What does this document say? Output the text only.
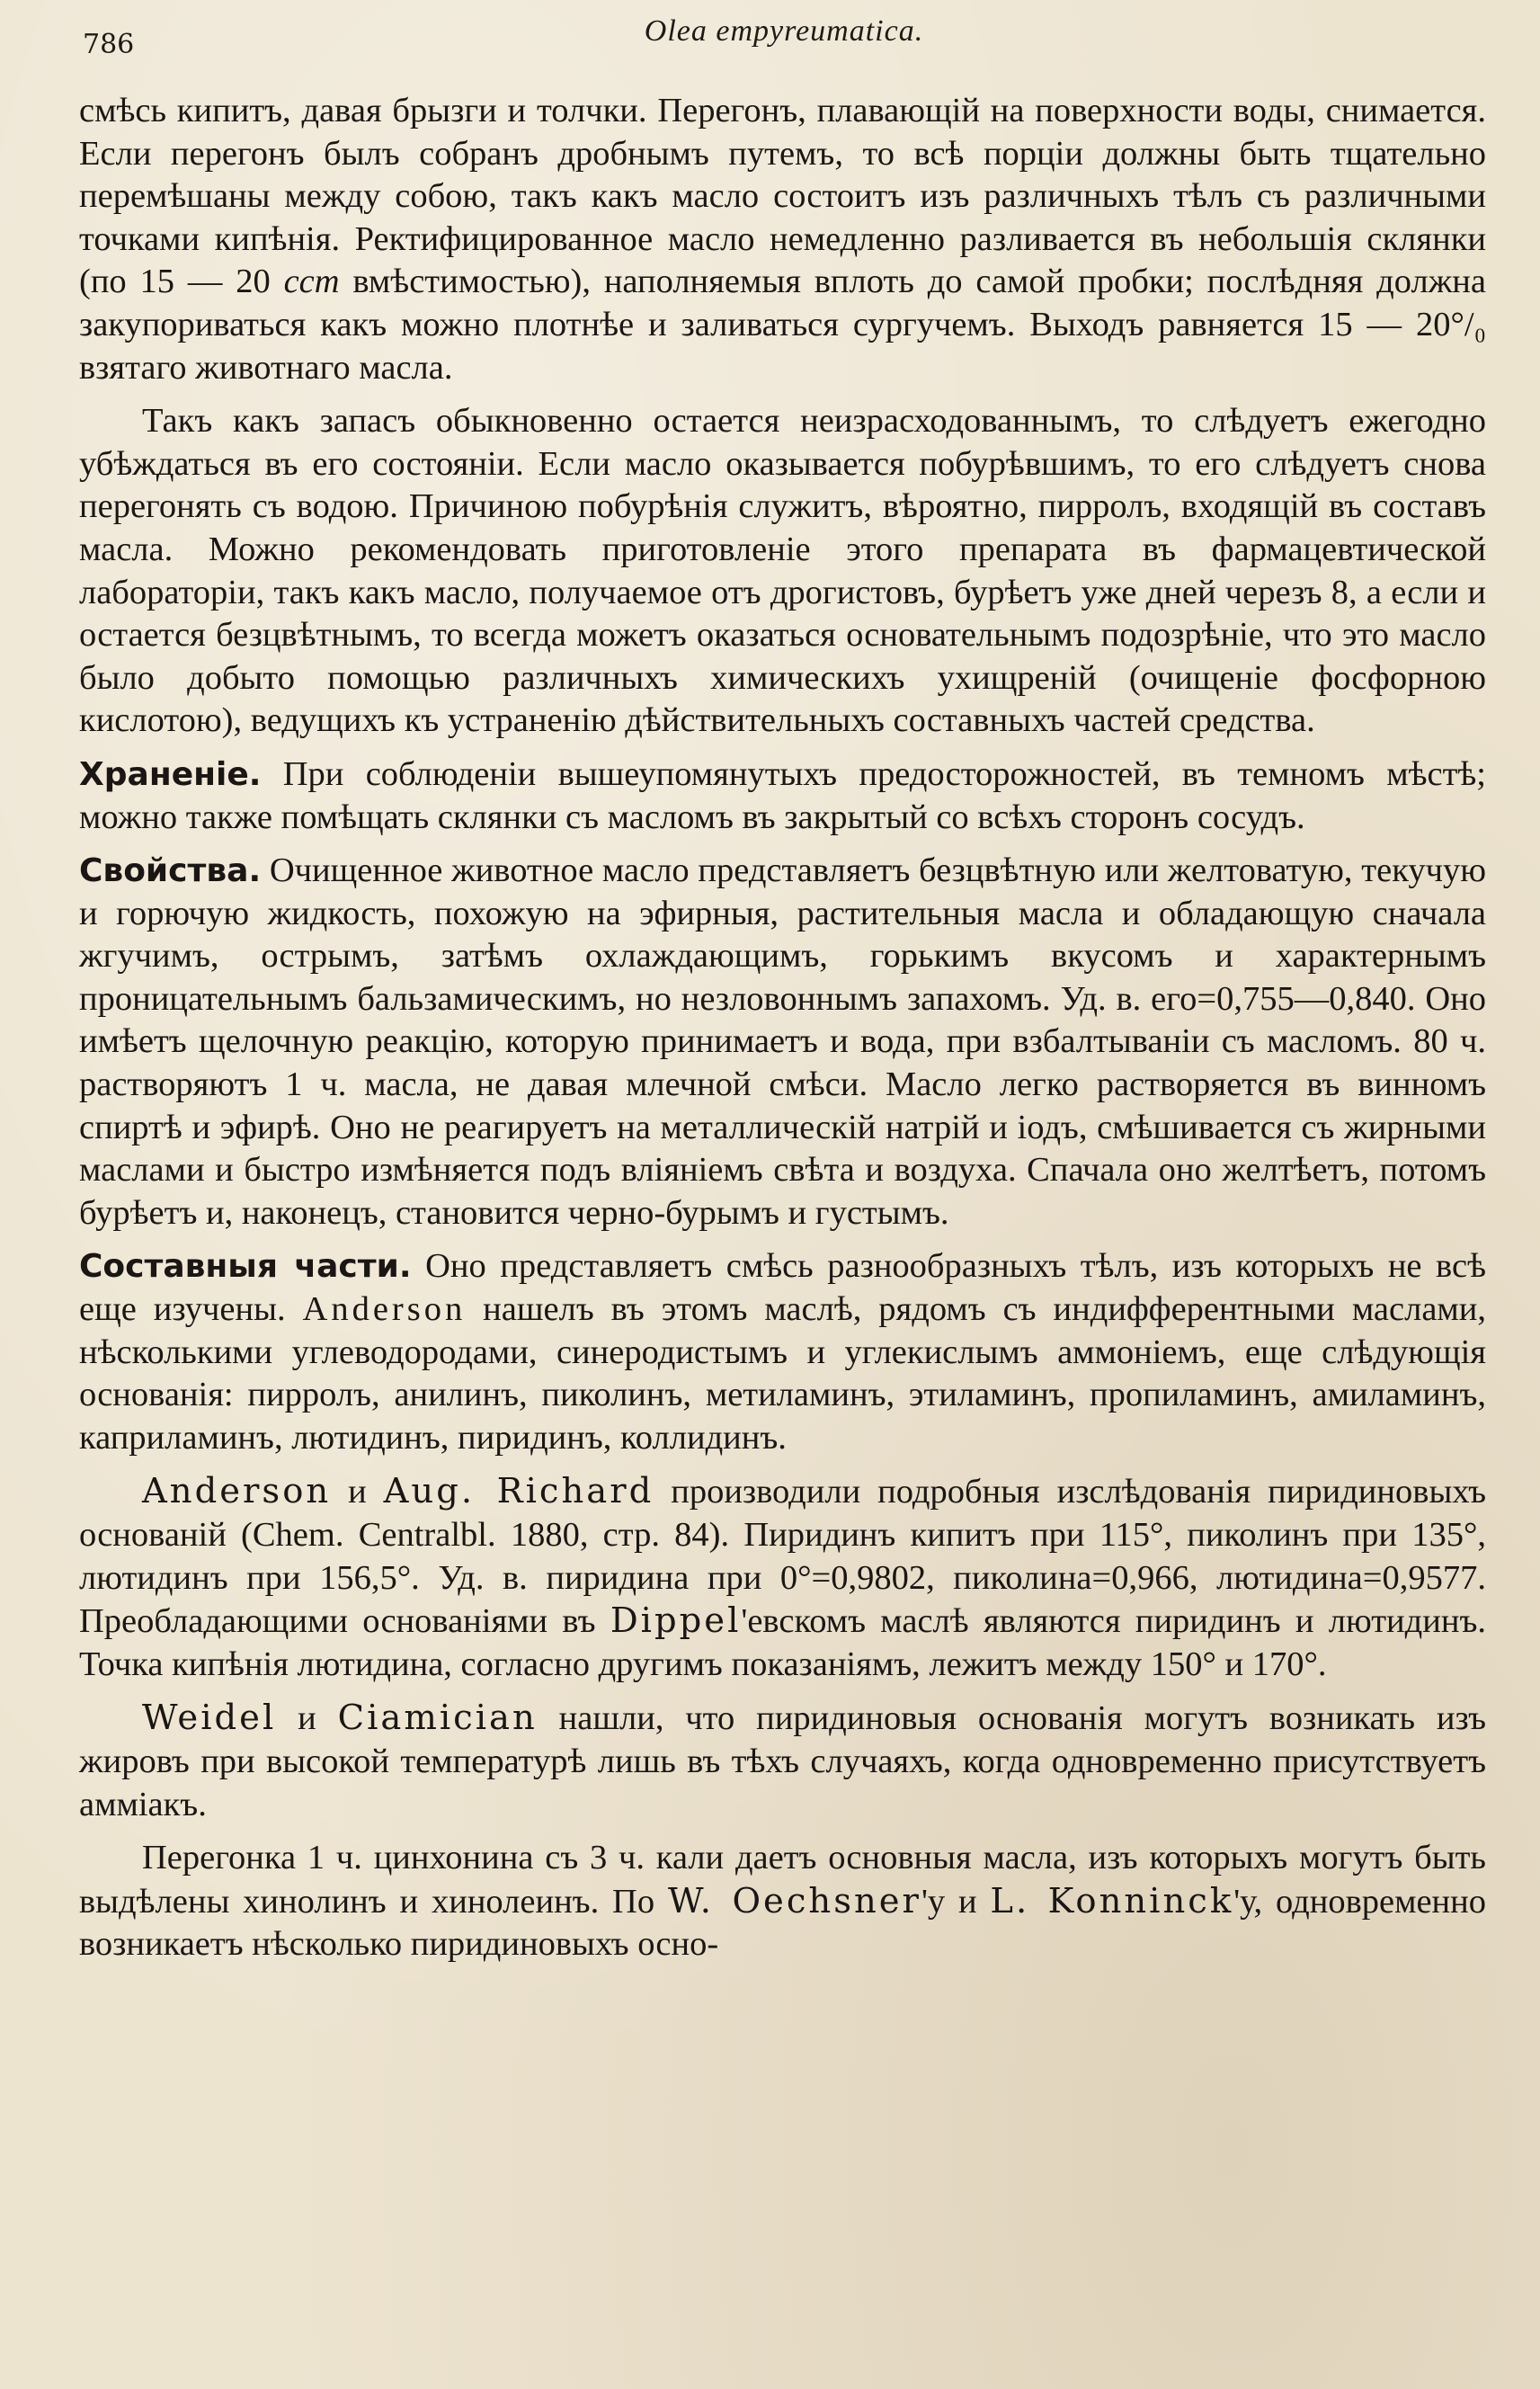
786	Olea empyreumatica.

смѣсь кипитъ, давая брызги и толчки. Перегонъ, плавающій на поверхности воды, снимается. Если перегонъ былъ собранъ дробнымъ путемъ, то всѣ порціи должны быть тщательно перемѣшаны между собою, такъ какъ масло состоитъ изъ различныхъ тѣлъ съ различными точками кипѣнія. Ректифицированное масло немедленно разливается въ небольшія склянки (по 15 — 20 ccm вмѣстимостью), наполняемыя вплоть до самой пробки; послѣдняя должна закупориваться какъ можно плотнѣе и заливаться сургучемъ. Выходъ равняется 15 — 20°/₀ взятаго животнаго масла.

Такъ какъ запасъ обыкновенно остается неизрасходованнымъ, то слѣдуетъ ежегодно убѣждаться въ его состояніи. Если масло оказывается побурѣвшимъ, то его слѣдуетъ снова перегонять съ водою. Причиною побурѣнія служитъ, вѣроятно, пирролъ, входящій въ составъ масла. Можно рекомендовать приготовленіе этого препарата въ фармацевтической лабораторіи, такъ какъ масло, получаемое отъ дрогистовъ, бурѣетъ уже дней черезъ 8, а если и остается безцвѣтнымъ, то всегда можетъ оказаться основательнымъ подозрѣніе, что это масло было добыто помощью различныхъ химическихъ ухищреній (очищеніе фосфорною кислотою), ведущихъ къ устраненію дѣйствительныхъ составныхъ частей средства.

Храненіе. При соблюденіи вышеупомянутыхъ предосторожностей, въ темномъ мѣстѣ; можно также помѣщать склянки съ масломъ въ закрытый со всѣхъ сторонъ сосудъ.

Свойства. Очищенное животное масло представляетъ безцвѣтную или желтоватую, текучую и горючую жидкость, похожую на эфирныя, растительныя масла и обладающую сначала жгучимъ, острымъ, затѣмъ охлаждающимъ, горькимъ вкусомъ и характернымъ проницательнымъ бальзамическимъ, но незловоннымъ запахомъ. Уд. в. его=0,755—0,840. Оно имѣетъ щелочную реакцію, которую принимаетъ и вода, при взбалтываніи съ масломъ. 80 ч. растворяютъ 1 ч. масла, не давая млечной смѣси. Масло легко растворяется въ винномъ спиртѣ и эфирѣ. Оно не реагируетъ на металлическій натрій и іодъ, смѣшивается съ жирными маслами и быстро измѣняется подъ вліяніемъ свѣта и воздуха. Спачала оно желтѣетъ, потомъ бурѣетъ и, наконецъ, становится черно-бурымъ и густымъ.

Составныя части. Оно представляетъ смѣсь разнообразныхъ тѣлъ, изъ которыхъ не всѣ еще изучены. Anderson нашелъ въ этомъ маслѣ, рядомъ съ индифферентными маслами, нѣсколькими углеводородами, синеродистымъ и углекислымъ аммоніемъ, еще слѣдующія основанія: пирролъ, анилинъ, пиколинъ, метиламинъ, этиламинъ, пропиламинъ, амиламинъ, каприламинъ, лютидинъ, пиридинъ, коллидинъ.

Anderson и Aug. Richard производили подробныя изслѣдованія пиридиновыхъ основаній (Chem. Centralbl. 1880, стр. 84). Пиридинъ кипитъ при 115°, пиколинъ при 135°, лютидинъ при 156,5°. Уд. в. пиридина при 0°=0,9802, пиколина=0,966, лютидина=0,9577. Преобладающими основаніями въ Dippel'евскомъ маслѣ являются пиридинъ и лютидинъ. Точка кипѣнія лютидина, согласно другимъ показаніямъ, лежитъ между 150° и 170°.

Weidel и Ciamician нашли, что пиридиновыя основанія могутъ возникать изъ жировъ при высокой температурѣ лишь въ тѣхъ случаяхъ, когда одновременно присутствуетъ амміакъ.

Перегонка 1 ч. цинхонина съ 3 ч. кали даетъ основныя масла, изъ которыхъ могутъ быть выдѣлены хинолинъ и хинолеинъ. По W. Oechsner'у и L. Konninck'у, одновременно возникаетъ нѣсколько пиридиновыхъ осно-
